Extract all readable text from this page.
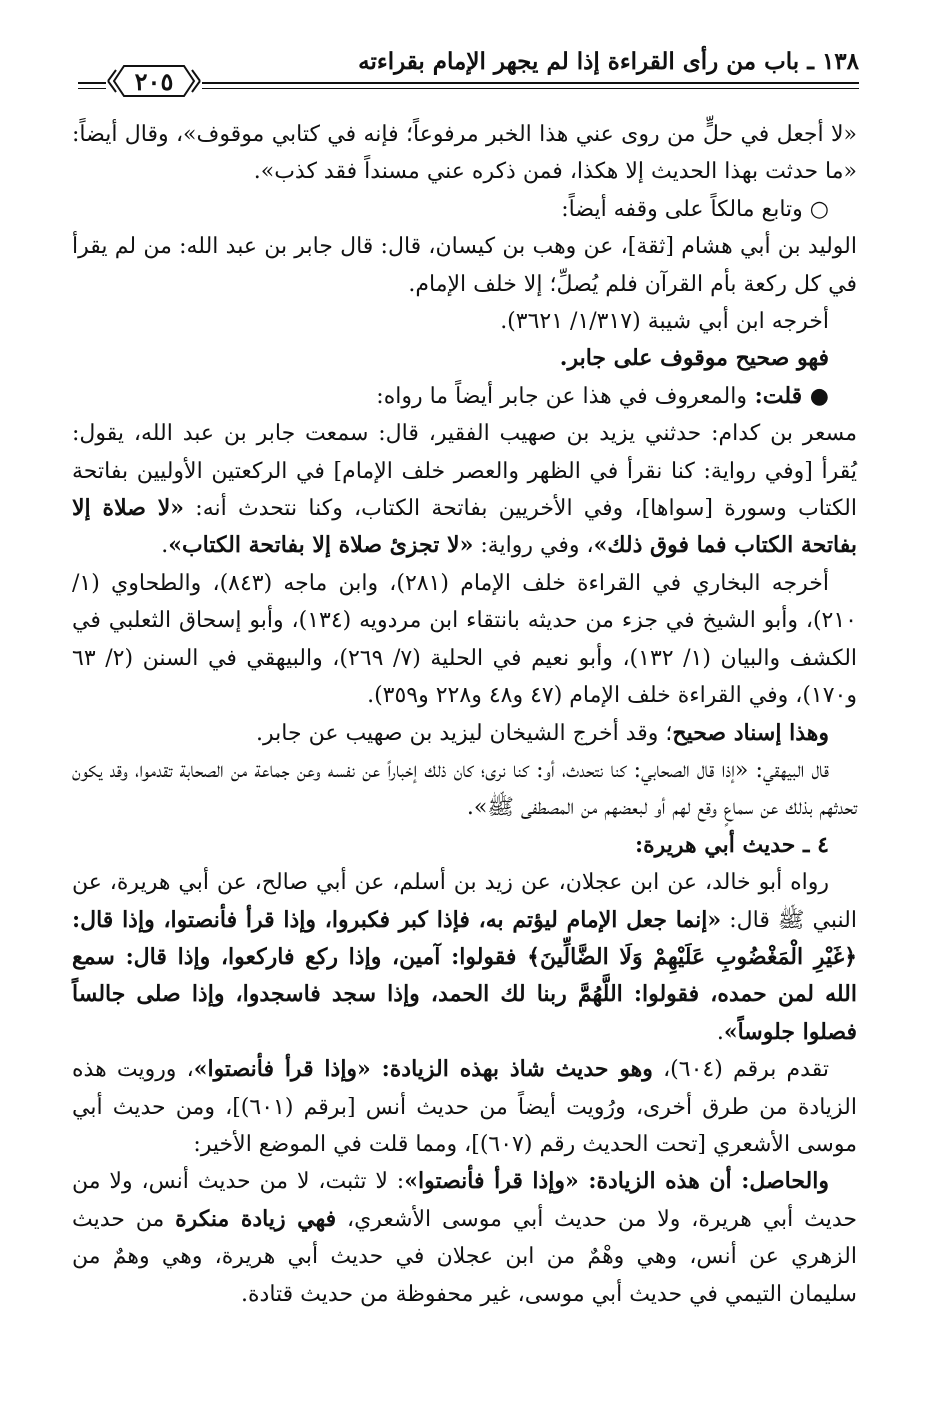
١٣٨ ـ باب من رأى القراءة إذا لم يجهر الإمام بقراءته
٢٠٥

«لا أجعل في حلٍّ من روى عني هذا الخبر مرفوعاً؛ فإنه في كتابي موقوف»، وقال أيضاً: «ما حدثت بهذا الحديث إلا هكذا، فمن ذكره عني مسنداً فقد كذب».

○ وتابع مالكاً على وقفه أيضاً:

الوليد بن أبي هشام [ثقة]، عن وهب بن كيسان، قال: قال جابر بن عبد الله: من لم يقرأ في كل ركعة بأم القرآن فلم يُصلِّ؛ إلا خلف الإمام.

أخرجه ابن أبي شيبة (١/٣١٧/ ٣٦٢١).

فهو صحيح موقوف على جابر.

● قلت: والمعروف في هذا عن جابر أيضاً ما رواه:

مسعر بن كدام: حدثني يزيد بن صهيب الفقير، قال: سمعت جابر بن عبد الله، يقول: يُقرأ [وفي رواية: كنا نقرأ في الظهر والعصر خلف الإمام] في الركعتين الأوليين بفاتحة الكتاب وسورة [سواها]، وفي الأخريين بفاتحة الكتاب، وكنا نتحدث أنه: «لا صلاة إلا بفاتحة الكتاب فما فوق ذلك»، وفي رواية: «لا تجزئ صلاة إلا بفاتحة الكتاب».

أخرجه البخاري في القراءة خلف الإمام (٢٨١)، وابن ماجه (٨٤٣)، والطحاوي (١/ ٢١٠)، وأبو الشيخ في جزء من حديثه بانتقاء ابن مردويه (١٣٤)، وأبو إسحاق الثعلبي في الكشف والبيان (١/ ١٣٢)، وأبو نعيم في الحلية (٧/ ٢٦٩)، والبيهقي في السنن (٢/ ٦٣ و١٧٠)، وفي القراءة خلف الإمام (٤٧ و٤٨ و٢٢٨ و٣٥٩).

وهذا إسناد صحيح؛ وقد أخرج الشيخان ليزيد بن صهيب عن جابر.

قال البيهقي: «إذا قال الصحابي: كنا نتحدث، أو: كنا نرى؛ كان ذلك إخباراً عن نفسه وعن جماعة من الصحابة تقدموا، وقد يكون تحدثهم بذلك عن سماعٍ وقع لهم أو لبعضهم من المصطفى ﷺ».

٤ ـ حديث أبي هريرة:

رواه أبو خالد، عن ابن عجلان، عن زيد بن أسلم، عن أبي صالح، عن أبي هريرة، عن النبي ﷺ قال: «إنما جعل الإمام ليؤتم به، فإذا كبر فكبروا، وإذا قرأ فأنصتوا، وإذا قال: ﴿غَيْرِ الْمَغْضُوبِ عَلَيْهِمْ وَلَا الضَّالِّينَ﴾ فقولوا: آمين، وإذا ركع فاركعوا، وإذا قال: سمع الله لمن حمده، فقولوا: اللَّهُمَّ ربنا لك الحمد، وإذا سجد فاسجدوا، وإذا صلى جالساً فصلوا جلوساً».

تقدم برقم (٦٠٤)، وهو حديث شاذ بهذه الزيادة: «وإذا قرأ فأنصتوا»، ورويت هذه الزيادة من طرق أخرى، ورُويت أيضاً من حديث أنس [برقم (٦٠١)]، ومن حديث أبي موسى الأشعري [تحت الحديث رقم (٦٠٧)]، ومما قلت في الموضع الأخير:

والحاصل: أن هذه الزيادة: «وإذا قرأ فأنصتوا»: لا تثبت، لا من حديث أنس، ولا من حديث أبي هريرة، ولا من حديث أبي موسى الأشعري، فهي زيادة منكرة من حديث الزهري عن أنس، وهي وهْمٌ من ابن عجلان في حديث أبي هريرة، وهي وهمٌ من سليمان التيمي في حديث أبي موسى، غير محفوظة من حديث قتادة.
